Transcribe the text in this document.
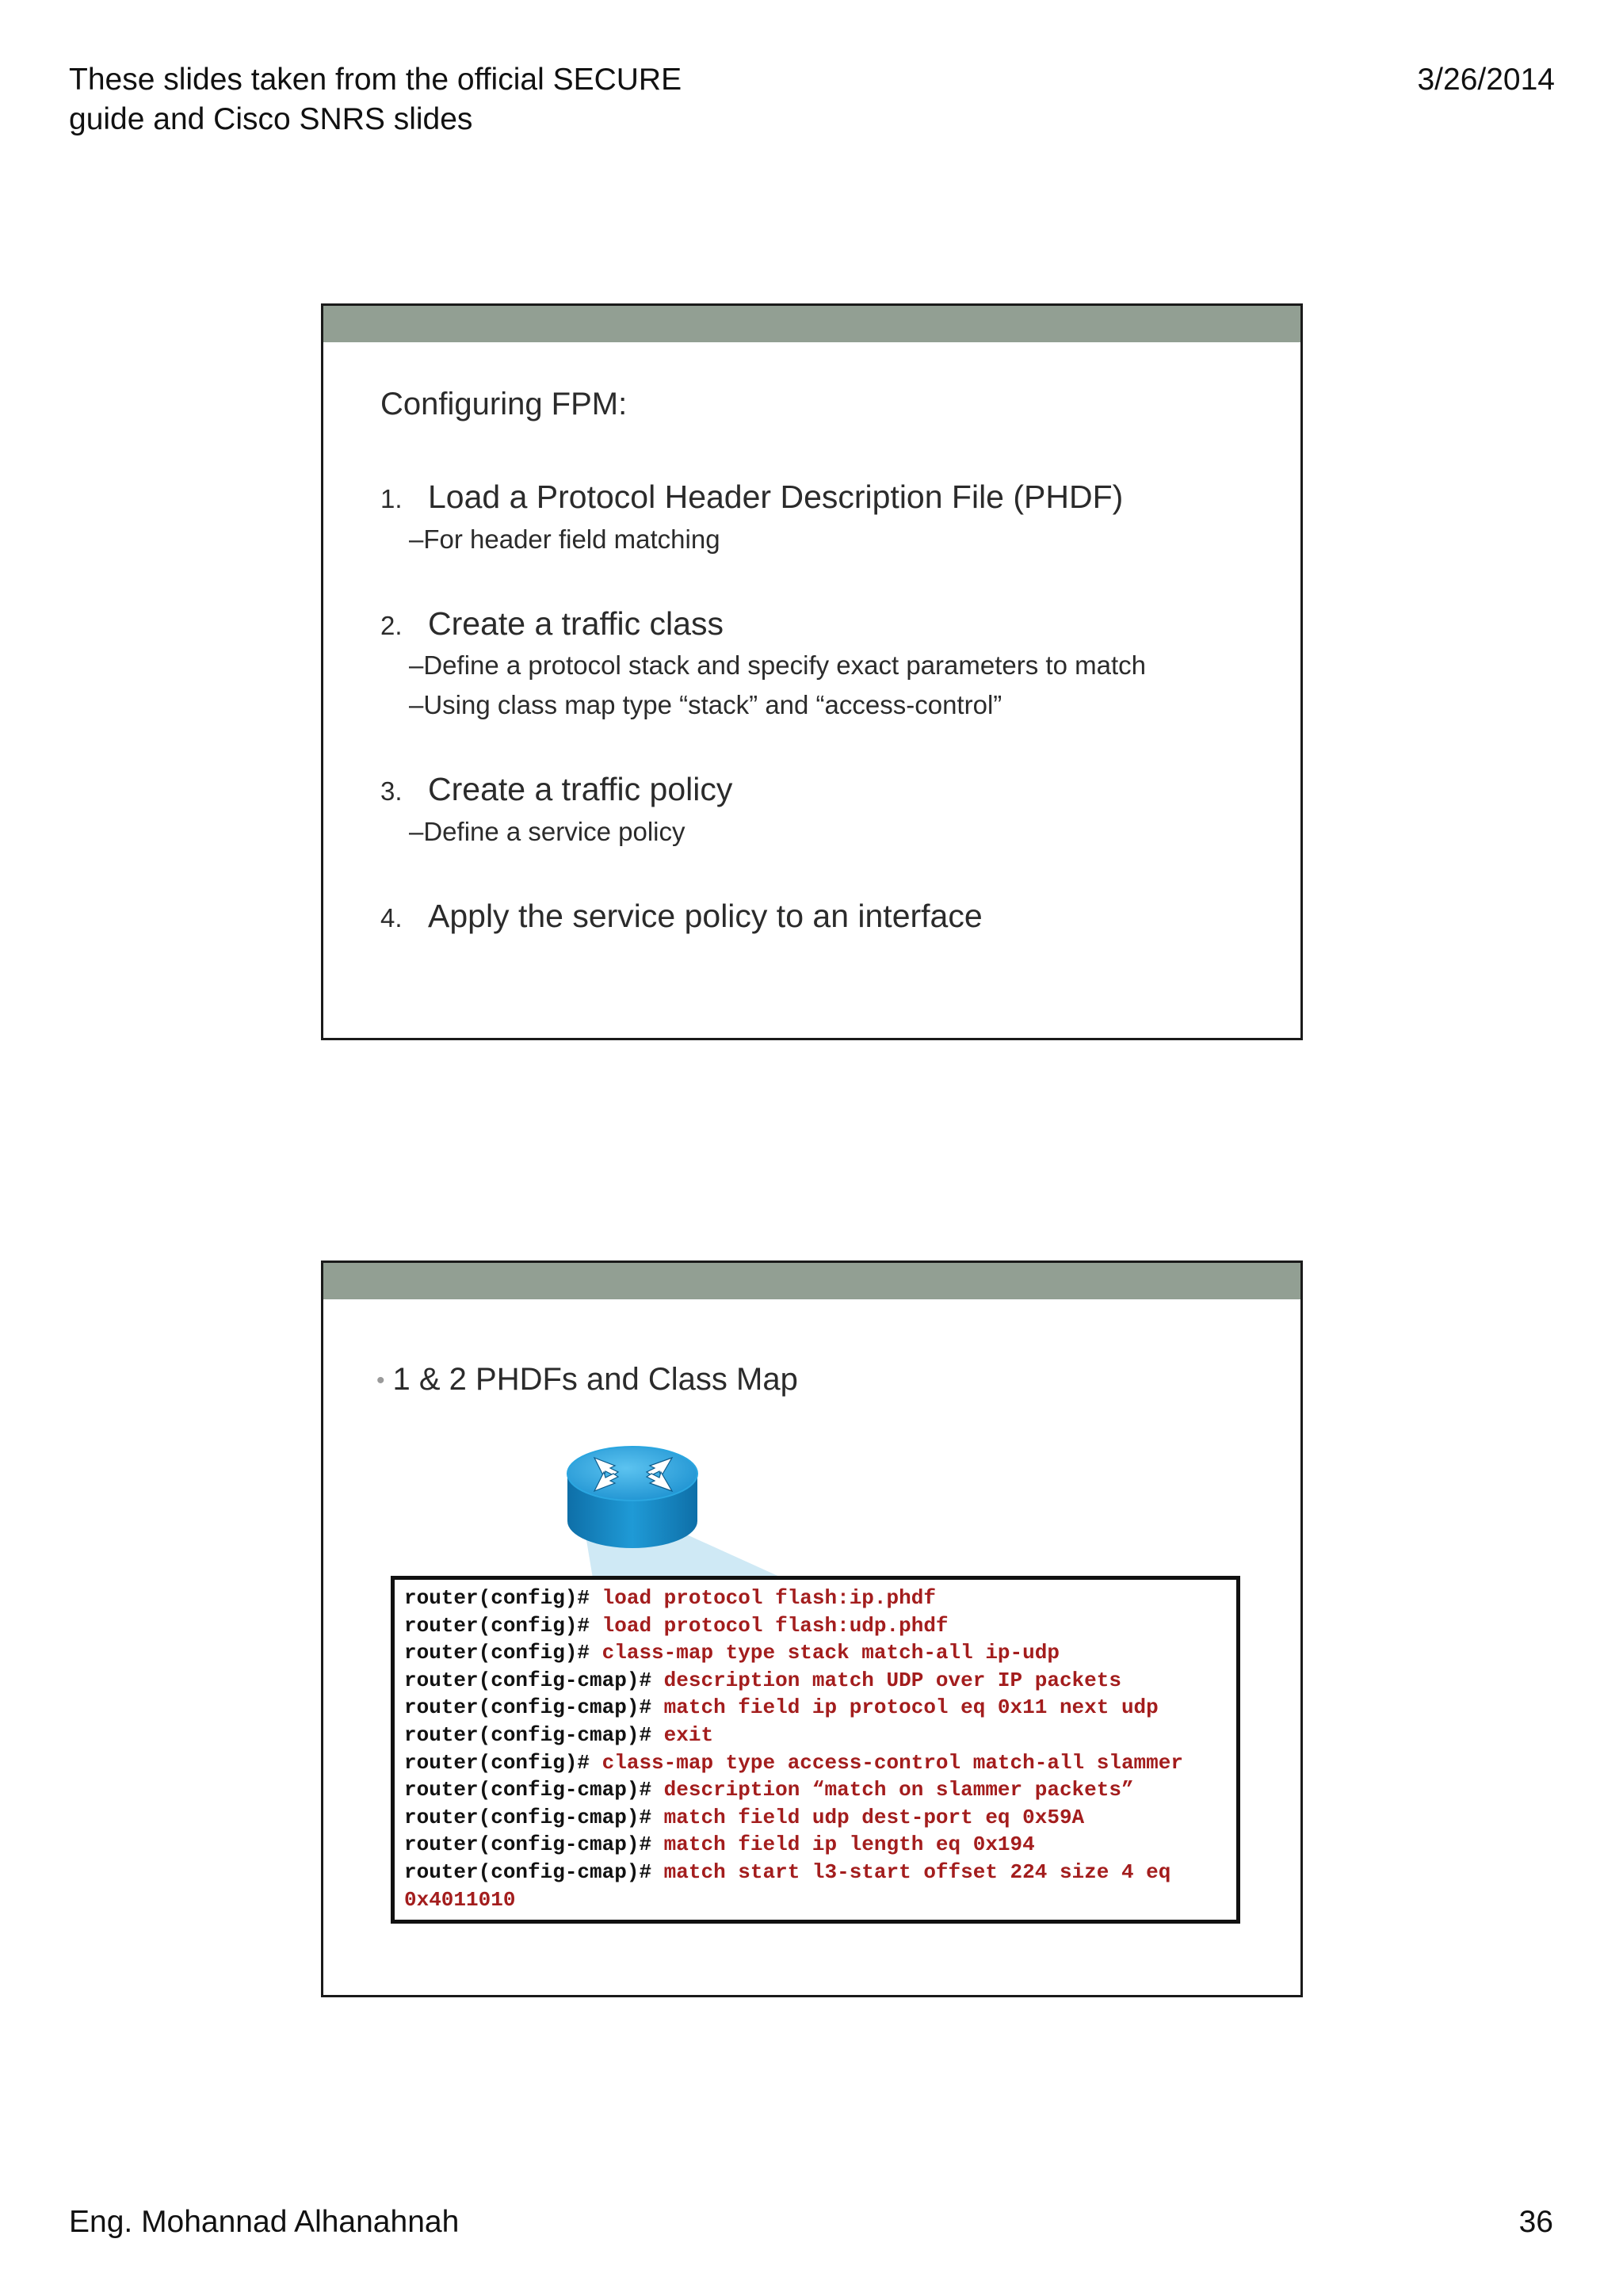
These slides taken from the official SECURE
guide and Cisco SNRS slides
3/26/2014
Configuring FPM:
1. Load a Protocol Header Description File (PHDF)
–For header field matching
2. Create a traffic class
–Define a protocol stack and specify exact parameters to match
–Using class map type “stack” and “access-control”
3. Create a traffic policy
–Define a service policy
4. Apply the service policy to an interface
• 1 & 2 PHDFs and Class Map
router(config)# load protocol flash:ip.phdf
router(config)# load protocol flash:udp.phdf
router(config)# class-map type stack match-all ip-udp
router(config-cmap)# description match UDP over IP packets
router(config-cmap)# match field ip protocol eq 0x11 next udp
router(config-cmap)# exit
router(config)# class-map type access-control match-all slammer
router(config-cmap)# description “match on slammer packets”
router(config-cmap)# match field udp dest-port eq 0x59A
router(config-cmap)# match field ip length eq 0x194
router(config-cmap)# match start l3-start offset 224 size 4 eq
0x4011010
Eng. Mohannad Alhanahnah	36
